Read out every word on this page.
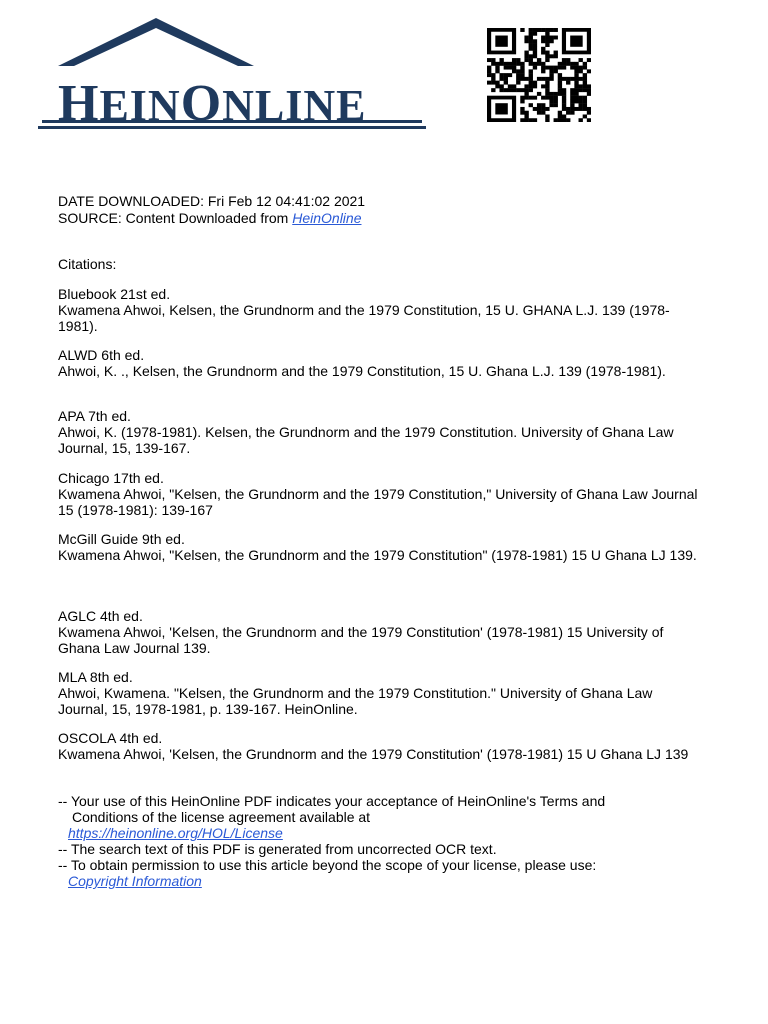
HEINONLINE
DATE DOWNLOADED: Fri Feb 12 04:41:02 2021
SOURCE: Content Downloaded from HeinOnline
Citations:
Bluebook 21st ed.
Kwamena Ahwoi, Kelsen, the Grundnorm and the 1979 Constitution, 15 U. GHANA L.J. 139 (1978-1981).
ALWD 6th ed.
Ahwoi, K. ., Kelsen, the Grundnorm and the 1979 Constitution, 15 U. Ghana L.J. 139 (1978-1981).
APA 7th ed.
Ahwoi, K. (1978-1981). Kelsen, the Grundnorm and the 1979 Constitution. University of Ghana Law Journal, 15, 139-167.
Chicago 17th ed.
Kwamena Ahwoi, "Kelsen, the Grundnorm and the 1979 Constitution," University of Ghana Law Journal 15 (1978-1981): 139-167
McGill Guide 9th ed.
Kwamena Ahwoi, "Kelsen, the Grundnorm and the 1979 Constitution" (1978-1981) 15 U Ghana LJ 139.
AGLC 4th ed.
Kwamena Ahwoi, 'Kelsen, the Grundnorm and the 1979 Constitution' (1978-1981) 15 University of Ghana Law Journal 139.
MLA 8th ed.
Ahwoi, Kwamena. "Kelsen, the Grundnorm and the 1979 Constitution." University of Ghana Law Journal, 15, 1978-1981, p. 139-167. HeinOnline.
OSCOLA 4th ed.
Kwamena Ahwoi, 'Kelsen, the Grundnorm and the 1979 Constitution' (1978-1981) 15 U Ghana LJ 139
-- Your use of this HeinOnline PDF indicates your acceptance of HeinOnline's Terms and
Conditions of the license agreement available at
https://heinonline.org/HOL/License
-- The search text of this PDF is generated from uncorrected OCR text.
-- To obtain permission to use this article beyond the scope of your license, please use:
Copyright Information
